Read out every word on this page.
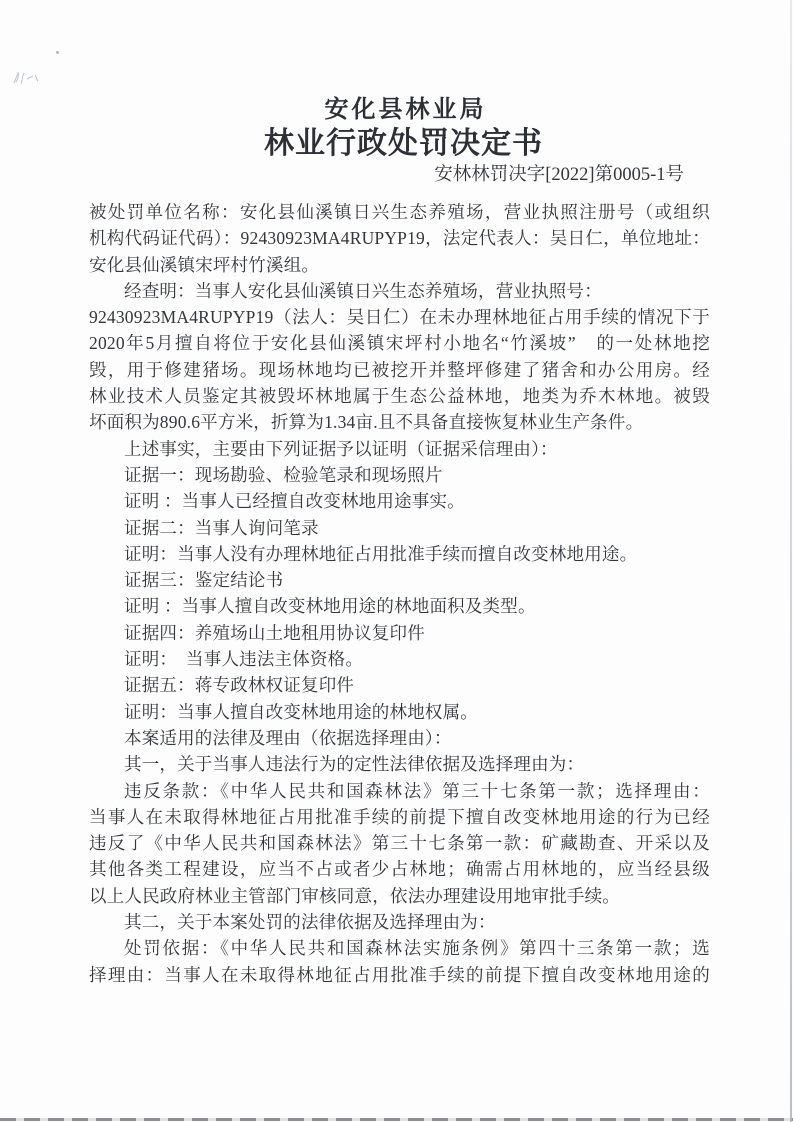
安化县林业局
林业行政处罚决定书
安林林罚决字[2022]第0005-1号
被处罚单位名称：安化县仙溪镇日兴生态养殖场，营业执照注册号（或组织
机构代码证代码）：92430923MA4RUPYP19，法定代表人：吴日仁，单位地址：
安化县仙溪镇宋坪村竹溪组。
经查明：当事人安化县仙溪镇日兴生态养殖场，营业执照号：
92430923MA4RUPYP19（法人：吴日仁）在未办理林地征占用手续的情况下于
2020年5月擅自将位于安化县仙溪镇宋坪村小地名“竹溪坡”　的一处林地挖
毁，用于修建猪场。现场林地均已被挖开并整坪修建了猪舍和办公用房。经
林业技术人员鉴定其被毁坏林地属于生态公益林地，地类为乔木林地。被毁
坏面积为890.6平方米，折算为1.34亩.且不具备直接恢复林业生产条件。
上述事实，主要由下列证据予以证明（证据采信理由）：
证据一：现场勘验、检验笔录和现场照片
证明 ：当事人已经擅自改变林地用途事实。
证据二：当事人询问笔录
证明：当事人没有办理林地征占用批准手续而擅自改变林地用途。
证据三：鉴定结论书
证明 ：当事人擅自改变林地用途的林地面积及类型。
证据四：养殖场山土地租用协议复印件
证明：　当事人违法主体资格。
证据五：蒋专政林权证复印件
证明：当事人擅自改变林地用途的林地权属。
本案适用的法律及理由（依据选择理由）：
其一，关于当事人违法行为的定性法律依据及选择理由为：
违反条款：《中华人民共和国森林法》第三十七条第一款；选择理由：
当事人在未取得林地征占用批准手续的前提下擅自改变林地用途的行为已经
违反了《中华人民共和国森林法》第三十七条第一款：矿藏勘查、开采以及
其他各类工程建设，应当不占或者少占林地；确需占用林地的，应当经县级
以上人民政府林业主管部门审核同意，依法办理建设用地审批手续。
其二，关于本案处罚的法律依据及选择理由为：
处罚依据：《中华人民共和国森林法实施条例》第四十三条第一款；选
择理由：当事人在未取得林地征占用批准手续的前提下擅自改变林地用途的
